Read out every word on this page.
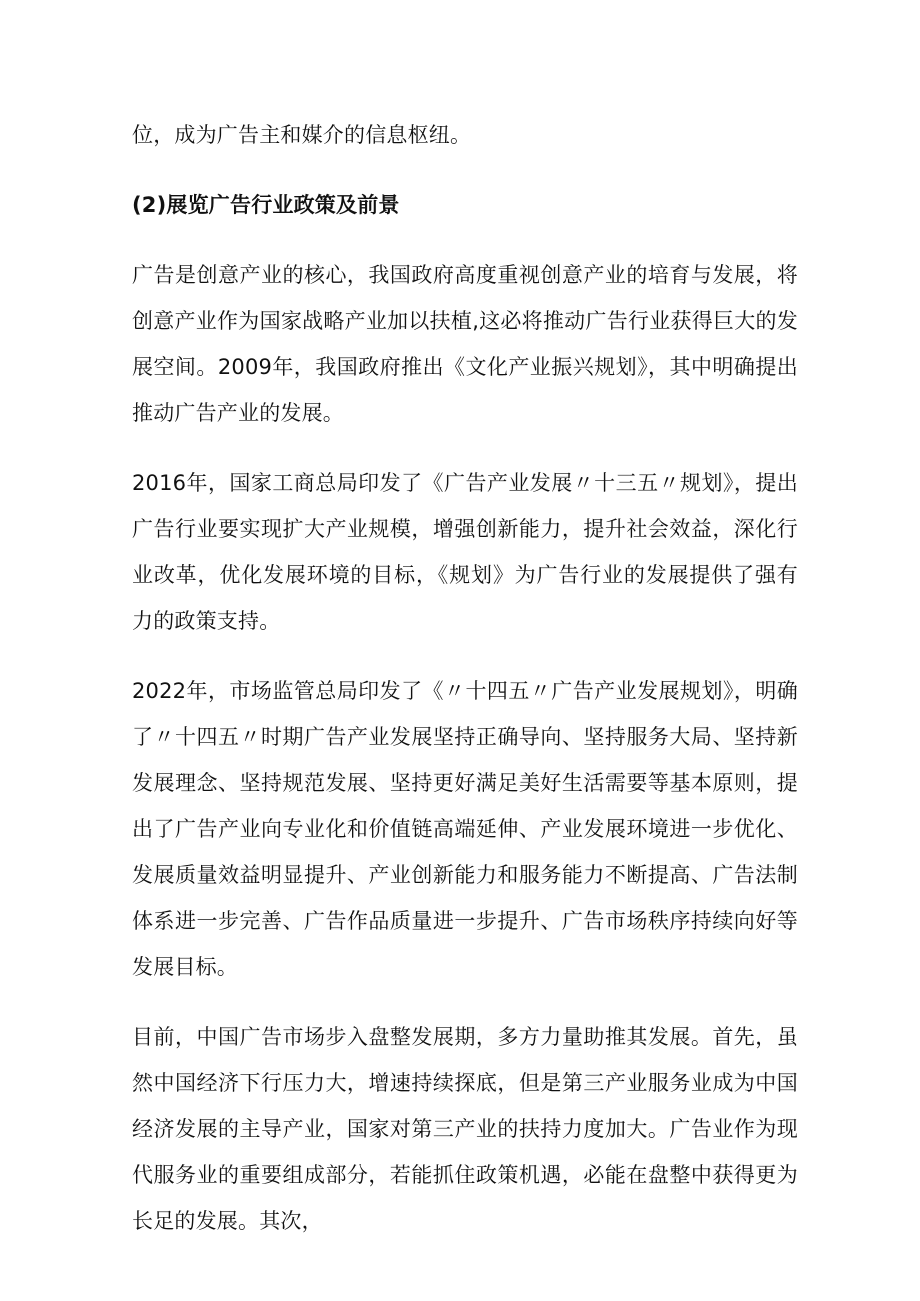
位，成为广告主和媒介的信息枢纽。

(2)展览广告行业政策及前景

广告是创意产业的核心，我国政府高度重视创意产业的培育与发展，将创意产业作为国家战略产业加以扶植,这必将推动广告行业获得巨大的发展空间。2009年，我国政府推出《文化产业振兴规划》，其中明确提出推动广告产业的发展。

2016年，国家工商总局印发了《广告产业发展〃十三五〃规划》，提出广告行业要实现扩大产业规模，增强创新能力，提升社会效益，深化行业改革，优化发展环境的目标，《规划》为广告行业的发展提供了强有力的政策支持。

2022年，市场监管总局印发了《〃十四五〃广告产业发展规划》，明确了〃十四五〃时期广告产业发展坚持正确导向、坚持服务大局、坚持新发展理念、坚持规范发展、坚持更好满足美好生活需要等基本原则，提出了广告产业向专业化和价值链高端延伸、产业发展环境进一步优化、发展质量效益明显提升、产业创新能力和服务能力不断提高、广告法制体系进一步完善、广告作品质量进一步提升、广告市场秩序持续向好等发展目标。

目前，中国广告市场步入盘整发展期，多方力量助推其发展。首先，虽然中国经济下行压力大，增速持续探底，但是第三产业服务业成为中国经济发展的主导产业，国家对第三产业的扶持力度加大。广告业作为现代服务业的重要组成部分，若能抓住政策机遇，必能在盘整中获得更为长足的发展。其次，
